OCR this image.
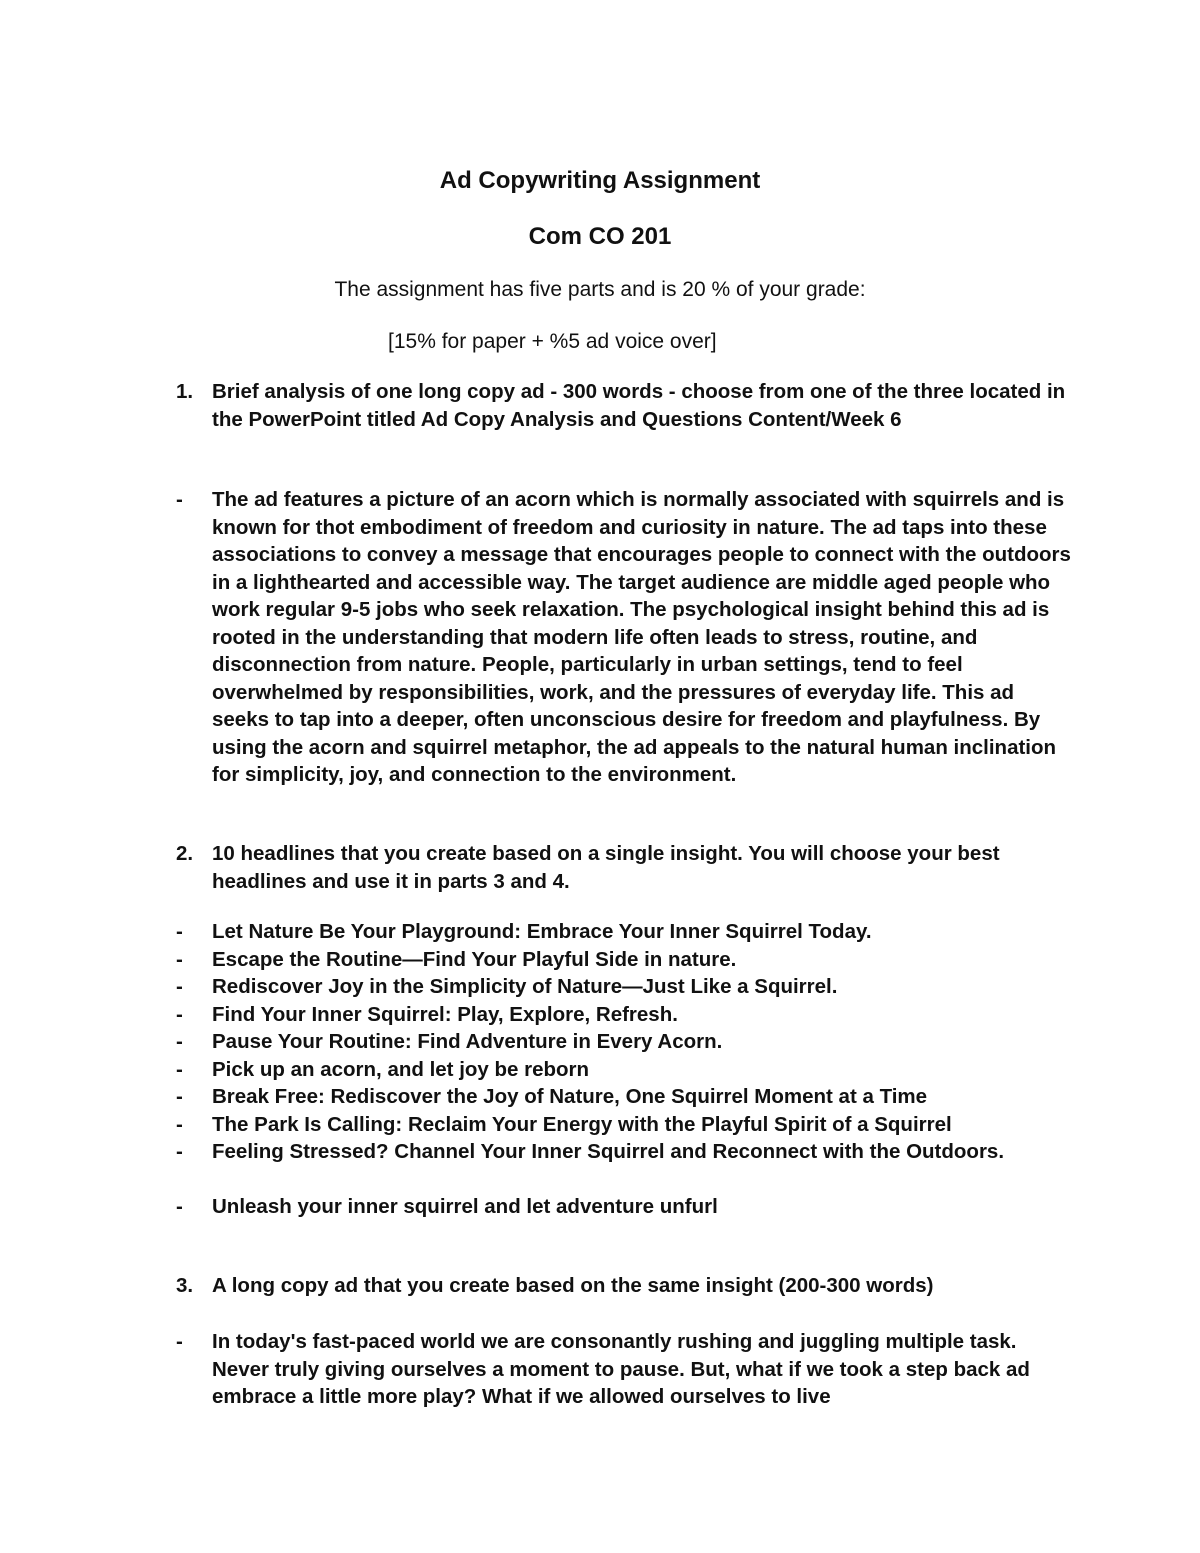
Ad Copywriting Assignment
Com CO 201
The assignment has five parts and is 20 % of your grade:
[15% for paper + %5 ad voice over]
1. Brief analysis of one long copy ad - 300 words - choose from one of the three located in the PowerPoint titled Ad Copy Analysis and Questions Content/Week 6
-	The ad features a picture of an acorn which is normally associated with squirrels and is known for thot embodiment of freedom and curiosity in nature. The ad taps into these associations to convey a message that encourages people to connect with the outdoors in a lighthearted and accessible way. The target audience are middle aged people who work regular 9-5 jobs who seek relaxation. The psychological insight behind this ad is rooted in the understanding that modern life often leads to stress, routine, and disconnection from nature. People, particularly in urban settings, tend to feel overwhelmed by responsibilities, work, and the pressures of everyday life. This ad seeks to tap into a deeper, often unconscious desire for freedom and playfulness. By using the acorn and squirrel metaphor, the ad appeals to the natural human inclination for simplicity, joy, and connection to the environment.
2. 10 headlines that you create based on a single insight. You will choose your best headlines and use it in parts 3 and 4.
-	Let Nature Be Your Playground: Embrace Your Inner Squirrel Today.
-	Escape the Routine—Find Your Playful Side in nature.
-	Rediscover Joy in the Simplicity of Nature—Just Like a Squirrel.
-	Find Your Inner Squirrel: Play, Explore, Refresh.
-	Pause Your Routine: Find Adventure in Every Acorn.
-	Pick up an acorn, and let joy be reborn
-	Break Free: Rediscover the Joy of Nature, One Squirrel Moment at a Time
-	The Park Is Calling: Reclaim Your Energy with the Playful Spirit of a Squirrel
-	Feeling Stressed? Channel Your Inner Squirrel and Reconnect with the Outdoors.
-	Unleash your inner squirrel and let adventure unfurl
3. A long copy ad that you create based on the same insight (200-300 words)
-	In today's fast-paced world we are consonantly rushing and juggling multiple task. Never truly giving ourselves a moment to pause. But, what if we took a step back ad embrace a little more play? What if we allowed ourselves to live
